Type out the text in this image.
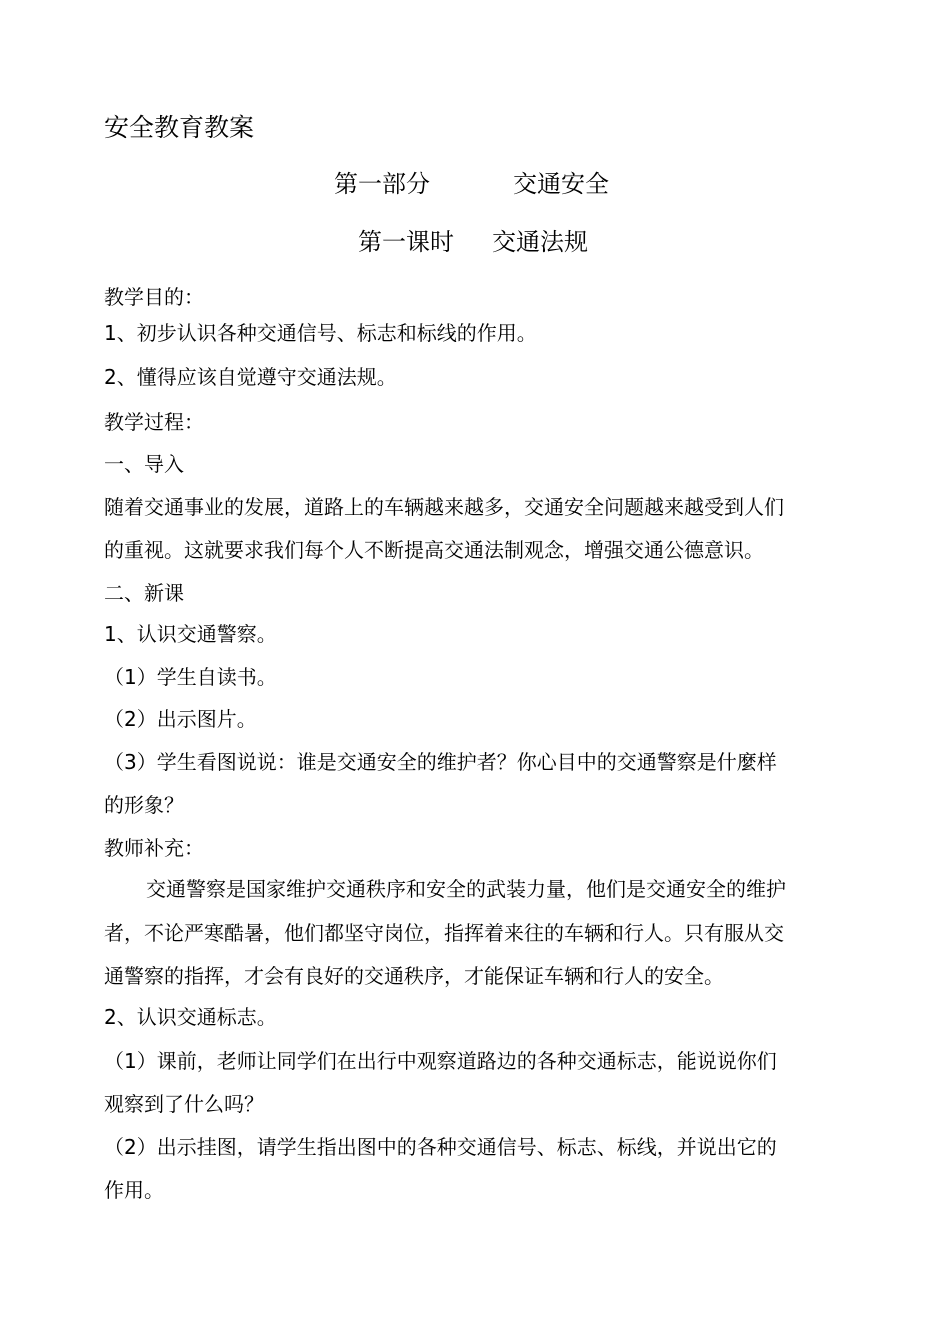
安全教育教案
第一部分	交通安全
第一课时 交通法规
教学目的：
1、初步认识各种交通信号、标志和标线的作用。
2、懂得应该自觉遵守交通法规。
教学过程：
一、导入
随着交通事业的发展，道路上的车辆越来越多，交通安全问题越来越受到人们
的重视。这就要求我们每个人不断提高交通法制观念，增强交通公德意识。
二、新课
1、认识交通警察。
（1）学生自读书。
（2）出示图片。
（3）学生看图说说：谁是交通安全的维护者？你心目中的交通警察是什麼样
的形象？
教师补充：
交通警察是国家维护交通秩序和安全的武装力量，他们是交通安全的维护
者，不论严寒酷暑，他们都坚守岗位，指挥着来往的车辆和行人。只有服从交
通警察的指挥，才会有良好的交通秩序，才能保证车辆和行人的安全。
2、认识交通标志。
（1）课前，老师让同学们在出行中观察道路边的各种交通标志，能说说你们
观察到了什么吗？
（2）出示挂图，请学生指出图中的各种交通信号、标志、标线，并说出它的
作用。
